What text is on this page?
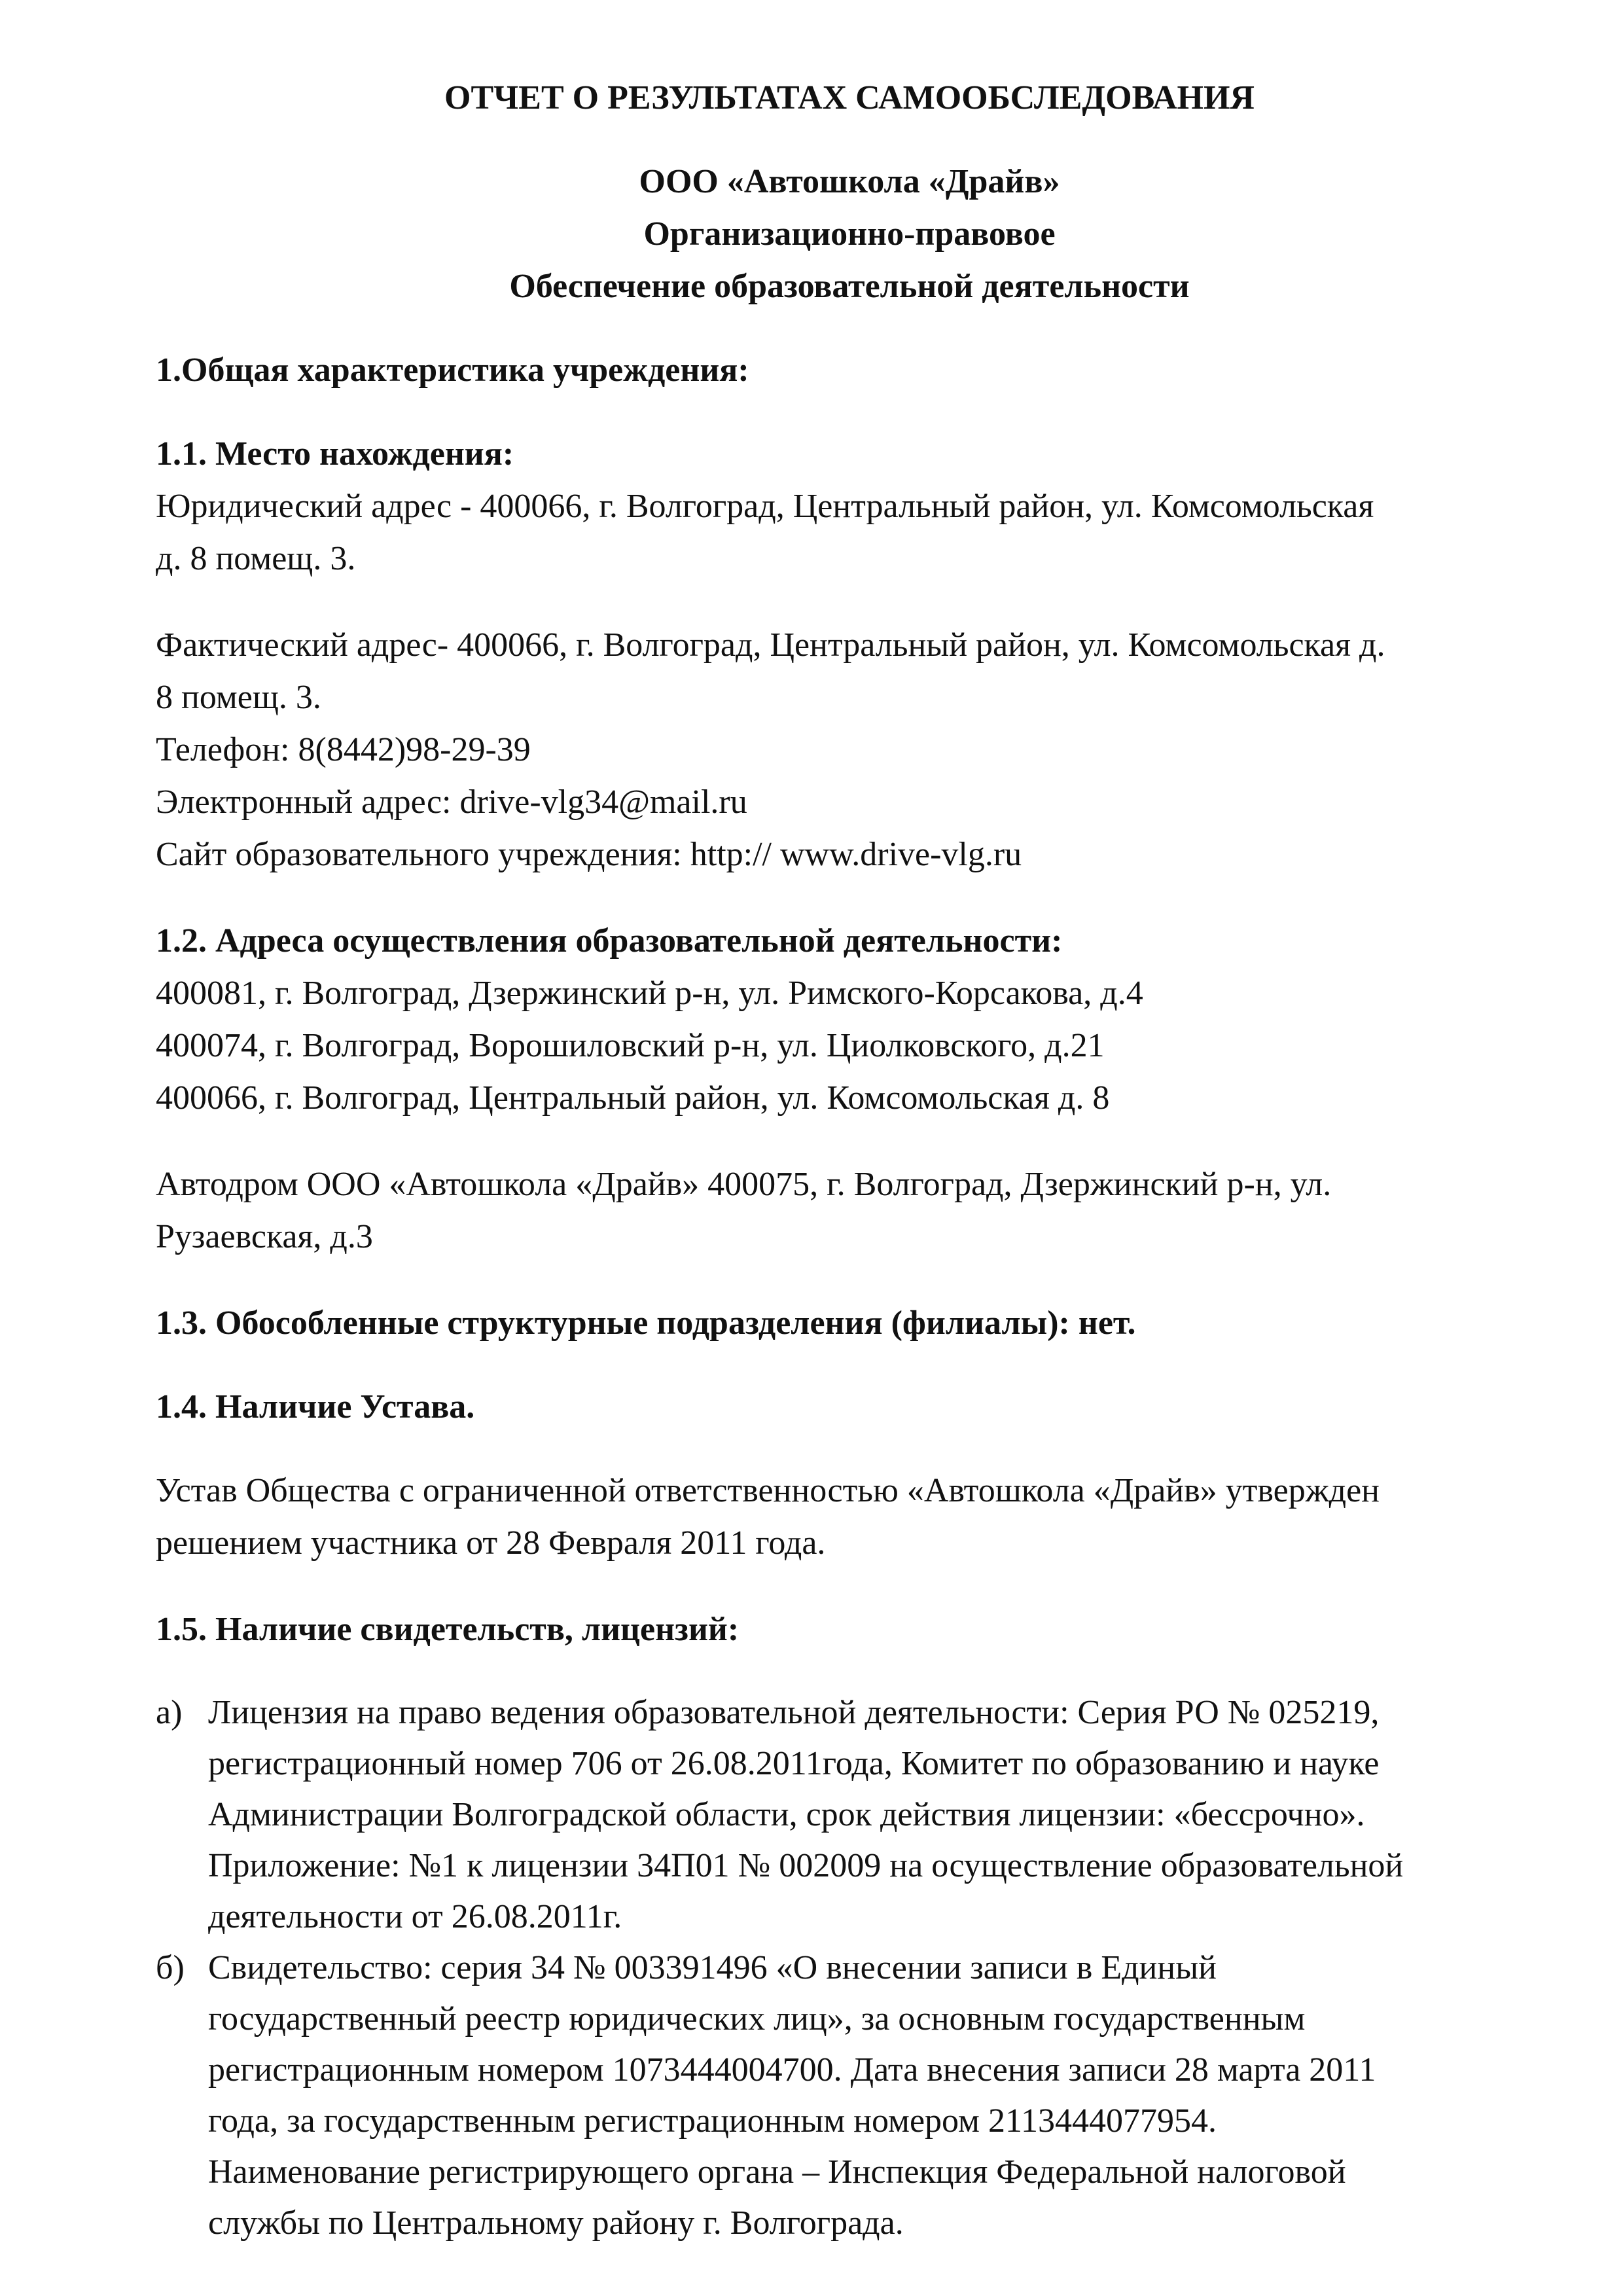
ОТЧЕТ О РЕЗУЛЬТАТАХ САМООБСЛЕДОВАНИЯ
ООО «Автошкола «Драйв»
Организационно-правовое
Обеспечение образовательной деятельности
1.Общая характеристика учреждения:
1.1. Место нахождения:
Юридический адрес - 400066, г. Волгоград, Центральный район, ул. Комсомольская
д. 8 помещ. 3.
Фактический адрес- 400066, г. Волгоград, Центральный район, ул. Комсомольская д.
8 помещ. 3.
Телефон: 8(8442)98-29-39
Электронный адрес: drive-vlg34@mail.ru
Сайт образовательного учреждения: http:// www.drive-vlg.ru
1.2. Адреса осуществления образовательной деятельности:
400081, г. Волгоград, Дзержинский р-н, ул. Римского-Корсакова, д.4
400074, г. Волгоград, Ворошиловский р-н, ул. Циолковского, д.21
400066, г. Волгоград, Центральный район, ул. Комсомольская д. 8
Автодром ООО «Автошкола «Драйв» 400075, г. Волгоград, Дзержинский р-н, ул.
Рузаевская, д.3
1.3. Обособленные структурные подразделения (филиалы): нет.
1.4. Наличие Устава.
Устав Общества с ограниченной ответственностью «Автошкола «Драйв» утвержден
решением участника от 28 Февраля 2011 года.
1.5. Наличие свидетельств, лицензий:
а) Лицензия на право ведения образовательной деятельности: Серия РО № 025219,
регистрационный номер 706 от 26.08.2011года, Комитет по образованию и науке
Администрации Волгоградской области, срок действия лицензии: «бессрочно».
Приложение: №1 к лицензии 34П01 № 002009 на осуществление образовательной
деятельности от 26.08.2011г.
б) Свидетельство: серия 34 № 003391496 «О внесении записи в Единый
государственный реестр юридических лиц», за основным государственным
регистрационным номером 1073444004700. Дата внесения записи 28 марта 2011
года, за государственным регистрационным номером 2113444077954.
Наименование регистрирующего органа – Инспекция Федеральной налоговой
службы по Центральному району г. Волгограда.
